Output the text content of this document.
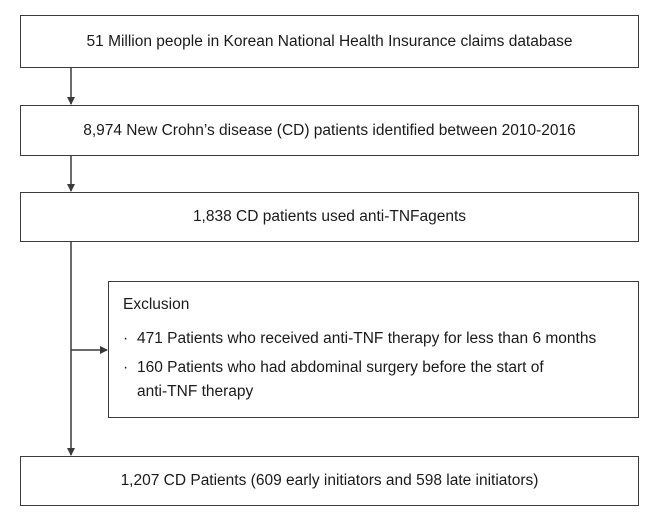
51 Million people in Korean National Health Insurance claims database
8,974 New Crohn’s disease (CD) patients identified between 2010-2016
1,838 CD patients used anti-TNFagents
Exclusion
· 471 Patients who received anti-TNF therapy for less than 6 months
· 160 Patients who had abdominal surgery before the start of
anti-TNF therapy
1,207 CD Patients (609 early initiators and 598 late initiators)
